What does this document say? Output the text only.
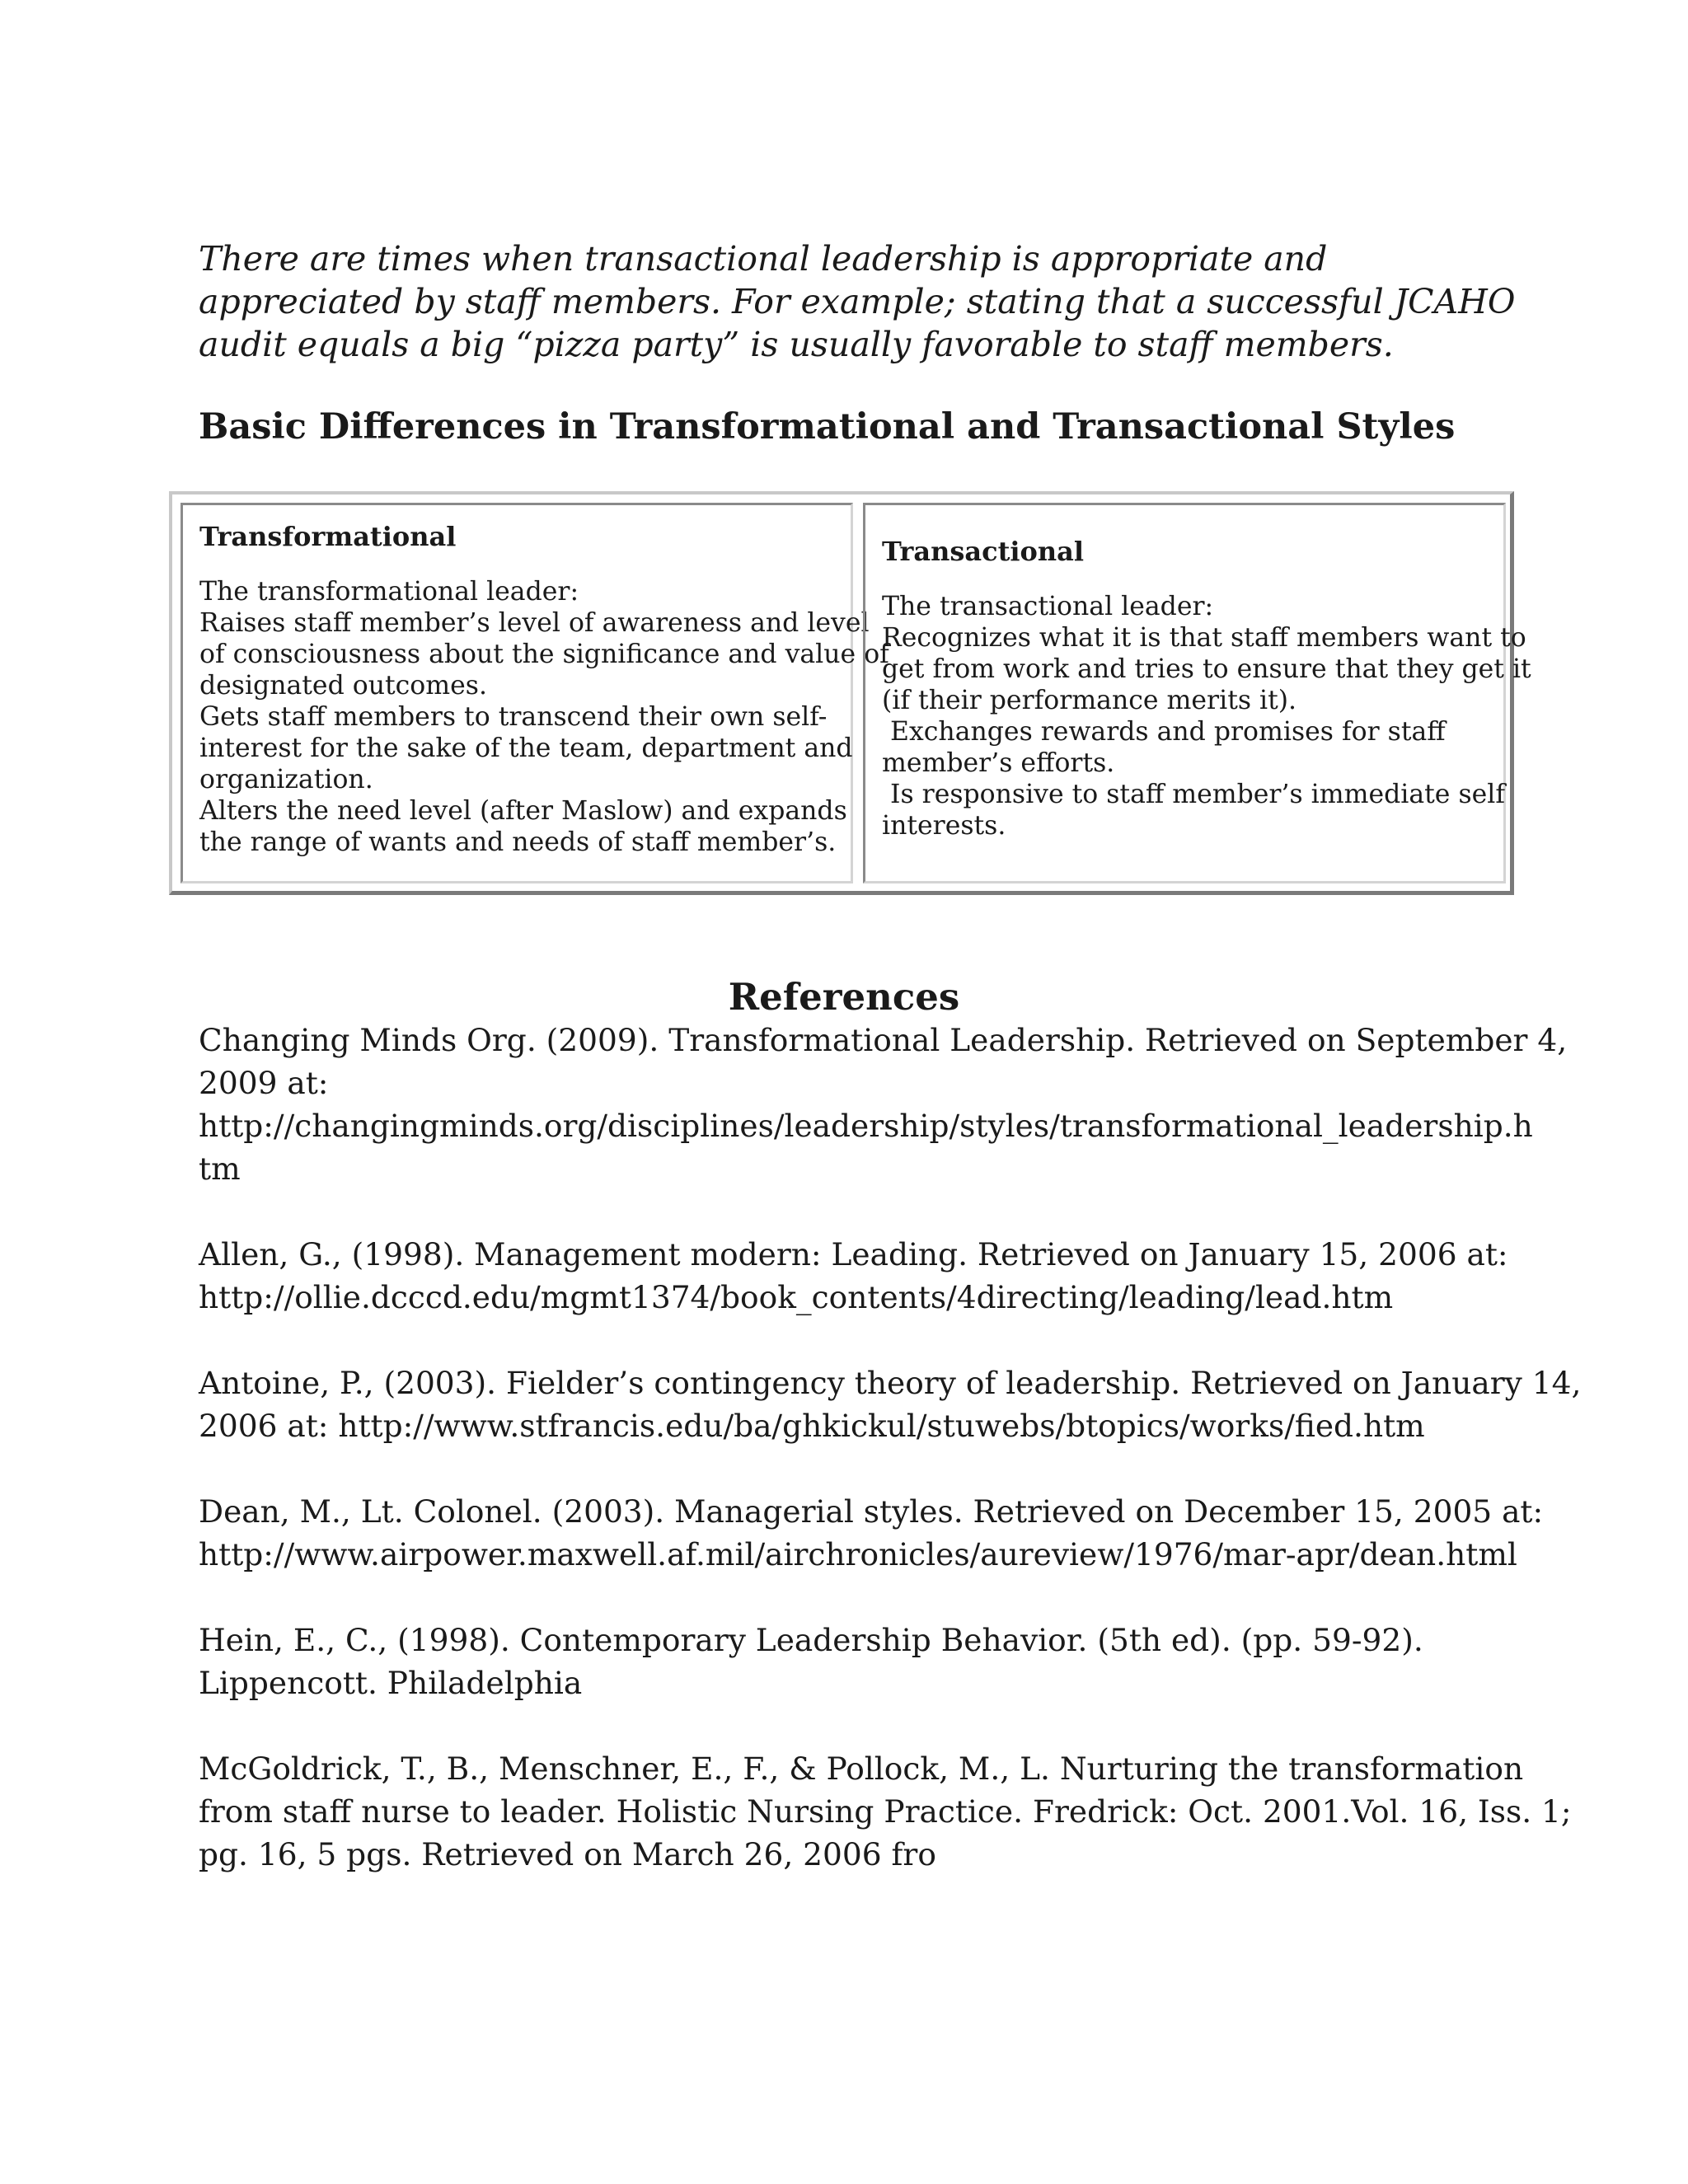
There are times when transactional leadership is appropriate and
appreciated by staff members. For example; stating that a successful JCAHO
audit equals a big “pizza party” is usually favorable to staff members.

Basic Differences in Transformational and Transactional Styles
Transformational
The transformational leader:
Raises staff member’s level of awareness and level
of consciousness about the significance and value of
designated outcomes.
Gets staff members to transcend their own self-
interest for the sake of the team, department and
organization.
Alters the need level (after Maslow) and expands
the range of wants and needs of staff member’s.
Transactional
The transactional leader:
Recognizes what it is that staff members want to
get from work and tries to ensure that they get it
(if their performance merits it).
Exchanges rewards and promises for staff
member’s efforts.
Is responsive to staff member’s immediate self
interests.
References

Changing Minds Org. (2009). Transformational Leadership. Retrieved on September 4,
2009 at:
http://changingminds.org/disciplines/leadership/styles/transformational_leadership.h
tm

Allen, G., (1998). Management modern: Leading. Retrieved on January 15, 2006 at:
http://ollie.dcccd.edu/mgmt1374/book_contents/4directing/leading/lead.htm

Antoine, P., (2003). Fielder’s contingency theory of leadership. Retrieved on January 14,
2006 at: http://www.stfrancis.edu/ba/ghkickul/stuwebs/btopics/works/fied.htm

Dean, M., Lt. Colonel. (2003). Managerial styles. Retrieved on December 15, 2005 at:
http://www.airpower.maxwell.af.mil/airchronicles/aureview/1976/mar-apr/dean.html

Hein, E., C., (1998). Contemporary Leadership Behavior. (5th ed). (pp. 59-92).
Lippencott. Philadelphia

McGoldrick, T., B., Menschner, E., F., & Pollock, M., L. Nurturing the transformation
from staff nurse to leader. Holistic Nursing Practice. Fredrick: Oct. 2001.Vol. 16, Iss. 1;
pg. 16, 5 pgs. Retrieved on March 26, 2006 fro
